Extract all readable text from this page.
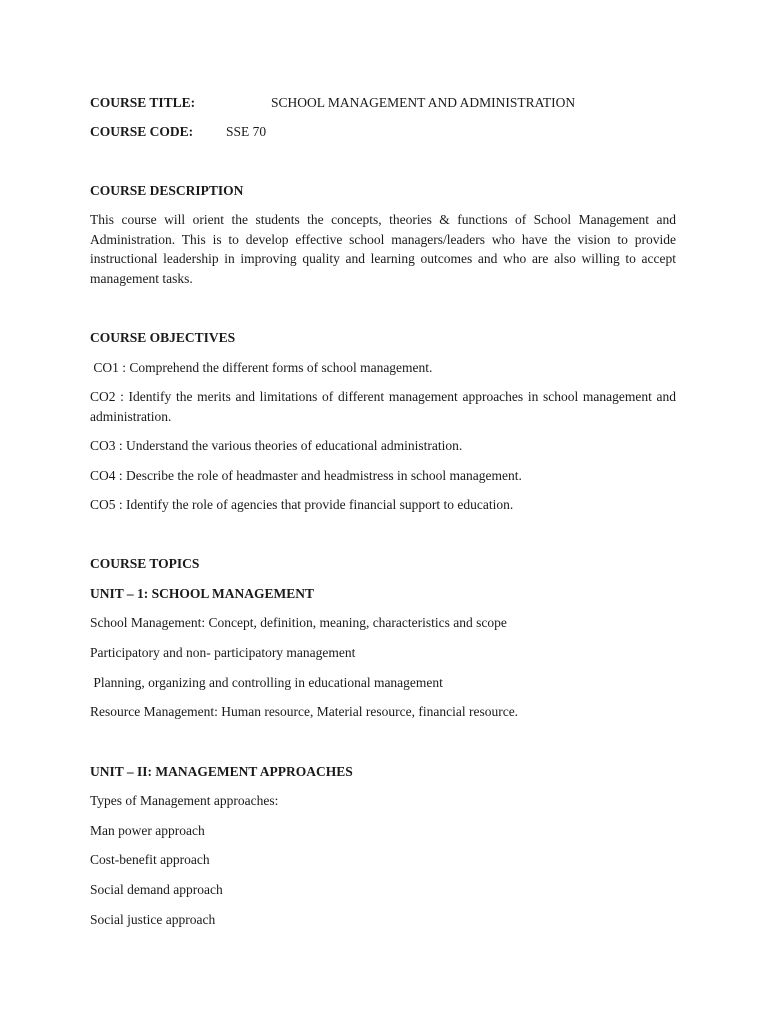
COURSE TITLE:	SCHOOL MANAGEMENT AND ADMINISTRATION
COURSE CODE: SSE 70
COURSE DESCRIPTION
This course will orient the students the concepts, theories & functions of School Management and Administration. This is to develop effective school managers/leaders who have the vision to provide instructional leadership in improving quality and learning outcomes and who are also willing to accept management tasks.
COURSE OBJECTIVES
CO1 : Comprehend the different forms of school management.
CO2 : Identify the merits and limitations of different management approaches in school management and administration.
CO3 : Understand the various theories of educational administration.
CO4 : Describe the role of headmaster and headmistress in school management.
CO5 : Identify the role of agencies that provide financial support to education.
COURSE TOPICS
UNIT – 1: SCHOOL MANAGEMENT
School Management: Concept, definition, meaning, characteristics and scope
Participatory and non- participatory management
Planning, organizing and controlling in educational management
Resource Management: Human resource, Material resource, financial resource.
UNIT – II: MANAGEMENT APPROACHES
Types of Management approaches:
Man power approach
Cost-benefit approach
Social demand approach
Social justice approach
